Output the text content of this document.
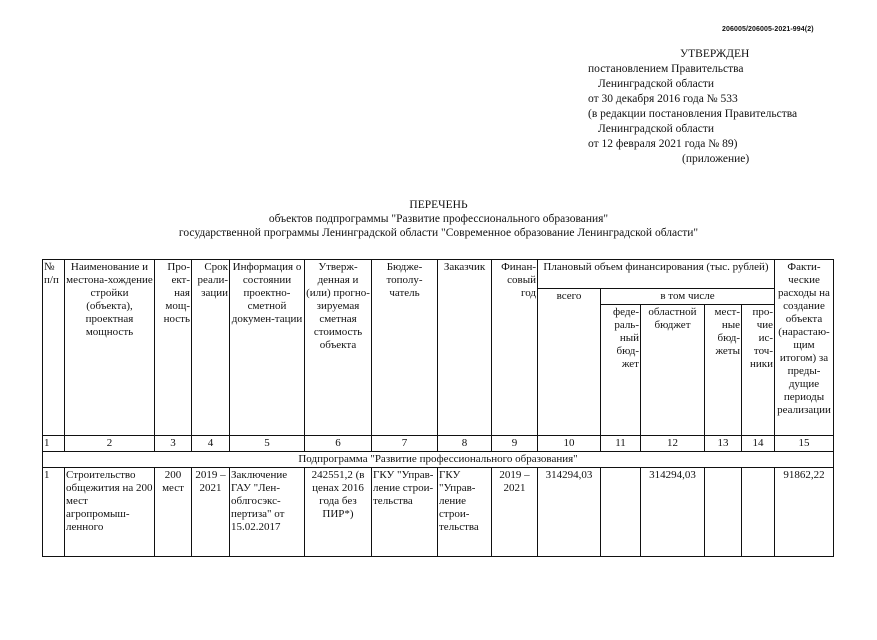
206005/206005-2021-994(2)
УТВЕРЖДЕН
постановлением Правительства
Ленинградской области
от 30 декабря 2016 года № 533
(в редакции постановления Правительства
Ленинградской области
от 12 февраля 2021 года № 89)
(приложение)
ПЕРЕЧЕНЬ
объектов подпрограммы "Развитие профессионального образования"
государственной программы Ленинградской области "Современное образование Ленинградской области"
№ п/п	Наименование и местона-хождение стройки (объекта), проектная мощность	Про-ект-ная мощ-ность	Срок реали-зации	Информация о состоянии проектно-сметной докумен-тации	Утверж-денная и (или) прогно-зируемая сметная стоимость объекта	Бюдже-тополу-чатель	Заказчик	Финан-совый год	Плановый объем финансирования (тыс. рублей)					Факти-ческие расходы на создание объекта (нарастаю-щим итогом) за преды-дущие периоды реализации
									всего	в том числе				
										феде-раль-ный бюд-жет	областной бюджет	мест-ные бюд-жеты	про-чие ис-точ-ники	
1	2	3	4	5	6	7	8	9	10	11	12	13	14	15
Подпрограмма "Развитие профессионального образования"														
1	Строительство общежития на 200 мест агропромыш-ленного	200 мест	2019 – 2021	Заключение ГАУ "Лен-облгосэкс-пертиза" от 15.02.2017	242551,2 (в ценах 2016 года без ПИР*)	ГКУ "Управ-ление строи-тельства	ГКУ "Управ-ление строи-тельства	2019 – 2021	314294,03		314294,03			91862,22
